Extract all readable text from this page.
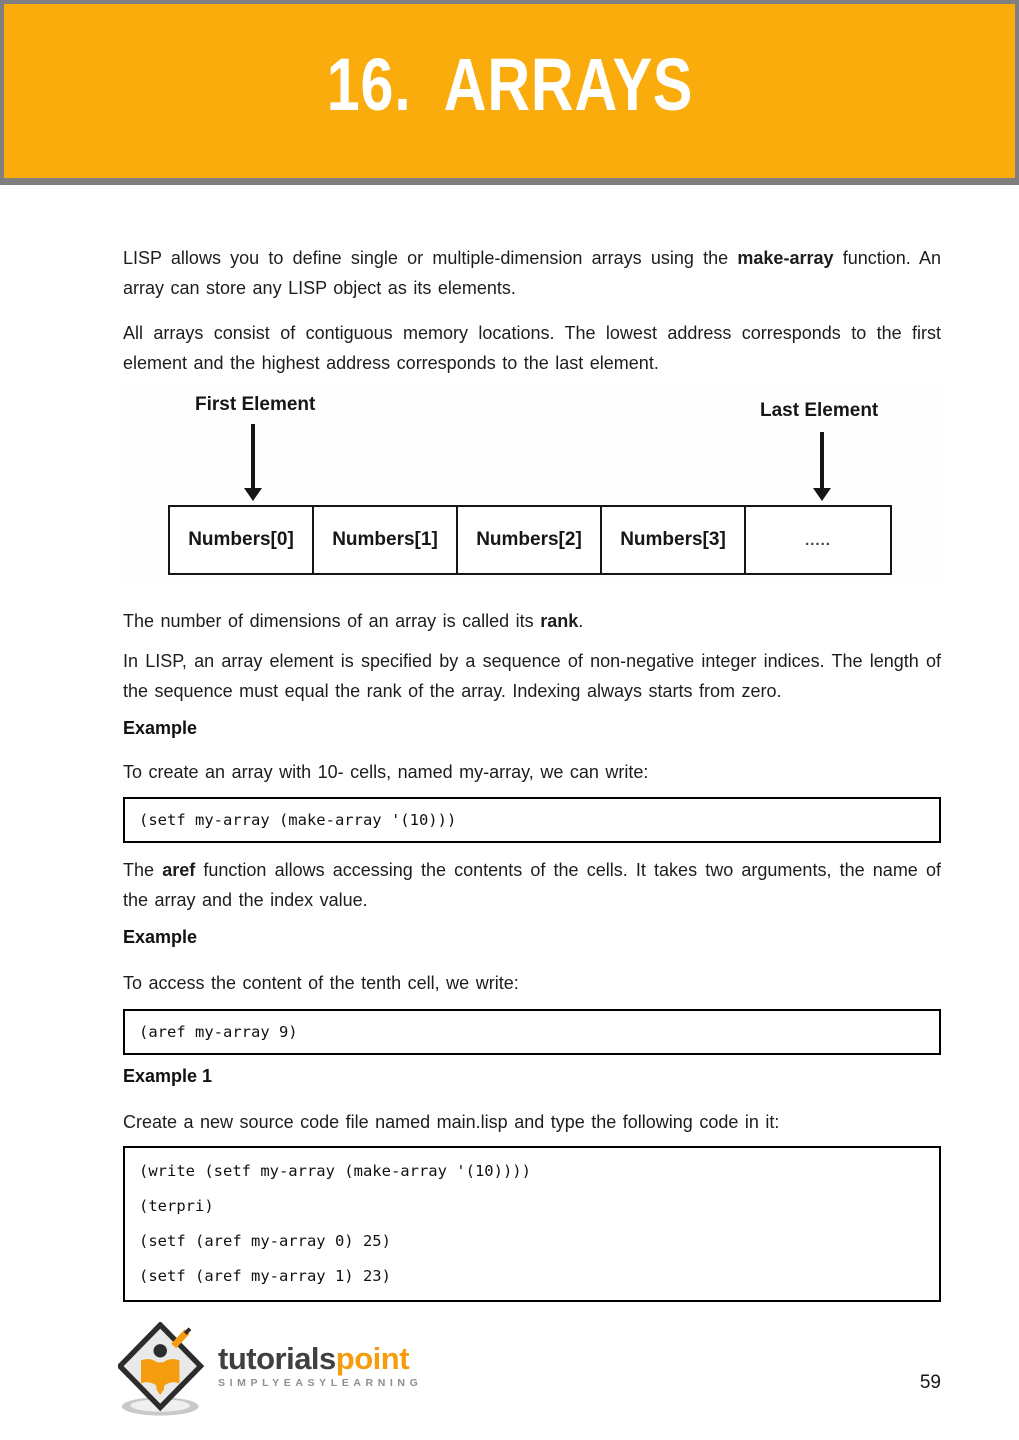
16.  ARRAYS

LISP allows you to define single or multiple-dimension arrays using the make-array function. An array can store any LISP object as its elements.

All arrays consist of contiguous memory locations. The lowest address corresponds to the first element and the highest address corresponds to the last element.

First Element	Last Element
Numbers[0]	Numbers[1]	Numbers[2]	Numbers[3]	.....

The number of dimensions of an array is called its rank.

In LISP, an array element is specified by a sequence of non-negative integer indices. The length of the sequence must equal the rank of the array. Indexing always starts from zero.

Example

To create an array with 10- cells, named my-array, we can write:

(setf my-array (make-array '(10)))

The aref function allows accessing the contents of the cells. It takes two arguments, the name of the array and the index value.

Example

To access the content of the tenth cell, we write:

(aref my-array 9)
Example 1

Create a new source code file named main.lisp and type the following code in it:

(write (setf my-array (make-array '(10))))
(terpri)
(setf (aref my-array 0) 25)
(setf (aref my-array 1) 23)
tutorialspoint
SIMPLYEASYLEARNING	59
